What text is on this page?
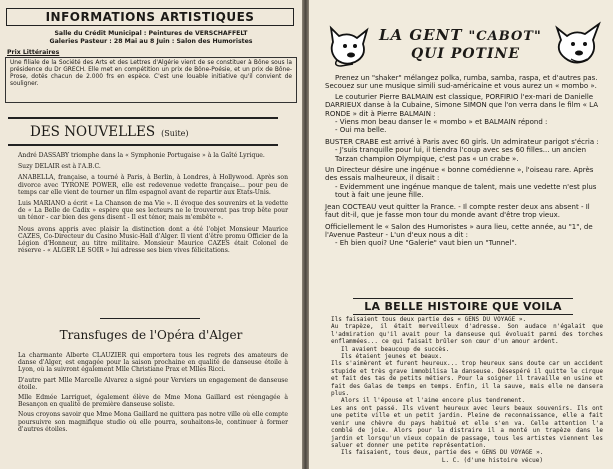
INFORMATIONS ARTISTIQUES

Salle du Crédit Municipal : Peintures de VERSCHAFFELT

Galeries Pasteur : 28 Mai au 8 Juin : Salon des Humoristes

Prix Littéraires

Une filiale de la Société des Arts et des Lettres d'Algérie vient de se constituer à Bône sous la présidence du Dr GRECH. Elle met en compétition un prix de Bône-Poésie, et un prix de Bône-Prose, dotés chacun de 2.000 frs en espèce. C'est une louable initiative qu'il convient de souligner.

DES NOUVELLES (Suite)

André DASSABY triomphe dans la « Symphonie Portugaise » à la Gaîté Lyrique.

Suzy DELAIR est à l'A.B.C.

ANABELLA, française, a tourné à Paris, à Berlin, à Londres, à Hollywood. Après son divorce avec TYRONE POWER, elle est redevenue vedette française... pour peu de temps car elle vient de tourner un film espagnol avant de repartir aux Etats-Unis.

Luis MARIANO a écrit « La Chanson de ma Vie ». Il évoque des souvenirs et la vedette de « La Belle de Cadix » espère que ses lecteurs ne le trouveront pas trop bête pour un ténor - car bien des gens disent - Il est ténor, mais m'embête ».

Nous avons appris avec plaisir la distinction dont a été l'objet Monsieur Maurice CAZES, Co-Directeur du Casino Music-Hall d'Alger. Il vient d'être promu Officier de la Légion d'Honneur, au titre militaire. Monsieur Maurice CAZES était Colonel de réserve - « ALGER LE SOIR » lui adresse ses bien vives félicitations.

Transfuges de l'Opéra d'Alger

La charmante Alberte CLAUZIER qui emportera tous les regrets des amateurs de danse d'Alger, est engagée pour la saison prochaine en qualité de danseuse étoile à Lyon, où la suivront également Mlle Christiane Prax et Mlles Ricci.

D'autre part Mlle Marcelle Alvarez a signé pour Verviers un engagement de danseuse étoile.

Mlle Edmée Larriguet, également élève de Mme Mona Gaillard est réengagée à Besançon en qualité de première danseuse soliste.

Nous croyons savoir que Mme Mona Gaillard ne quittera pas notre ville où elle compte poursuivre son magnifique studio où elle pourra, souhaitons-le, continuer à former d'autres étoiles.

LA GENT "CABOT"
QUI POTINE

Prenez un "shaker" mélangez polka, rumba, samba, raspa, et d'autres pas. Secouez sur une musique simili sud-américaine et vous aurez un « mombo ».

Le couturier Pierre BALMAIN est classique, PORFIRIO l'ex-mari de Danielle DARRIEUX danse à la Cubaine, Simone SIMON que l'on verra dans le film « LA RONDE » dit à Pierre BALMAIN :

- Viens mon beau danser le « mombo » et BALMAIN répond :

- Oui ma belle.

BUSTER CRABE est arrivé à Paris avec 60 girls. Un admirateur parigot s'écria :

- J'suis tranquille pour lui, il tiendra l'coup avec ses 60 filles... un ancien Tarzan champion Olympique, c'est pas « un crabe ».

Un Directeur désire une ingénue « bonne comédienne », l'oiseau rare. Après des essais malheureux, il disait :

- Evidemment une ingénue manque de talent, mais une vedette n'est plus tout à fait une jeune fille.

Jean COCTEAU veut quitter la France. - Il compte rester deux ans absent - Il faut dit-il, que je fasse mon tour du monde avant d'être trop vieux.

Officiellement le « Salon des Humoristes » aura lieu, cette année, au "1", de l'Avenue Pasteur - L'un d'eux nous a dit :

- Eh bien quoi? Une "Galerie" vaut bien un "Tunnel".

LA BELLE HISTOIRE QUE VOILA

Ils faisaient tous deux partie des « GENS DU VOYAGE ».

Au trapèze, il était merveilleux d'adresse. Son audace n'égalait que l'admiration qu'il avait pour la danseuse qui évoluait parmi des torches enflammées... ce qui faisait brûler son cœur d'un amour ardent.

Il avaient beaucoup de succès.

Ils étaient jeunes et beaux.

Ils s'aimèrent et furent heureux... trop heureux sans doute car un accident stupide et très grave immobilisa la danseuse. Désespéré il quitte le cirque et fait des tas de petits métiers. Pour la soigner il travaille en usine et fait des Galas de temps en temps. Enfin, il la sauve, mais elle ne dansera plus.

Alors il l'épouse et l'aime encore plus tendrement.

Les ans ont passé. Ils vivent heureux avec leurs beaux souvenirs. Ils ont une petite ville et un petit jardin. Pleine de reconnaissance, elle a fait venir une chèvre du pays habitué et elle s'en va. Celle attention l'a comblé de joie. Alors pour la distraire il a monté un trapèze dans le jardin et lorsqu'un vieux copain de passage, tous les artistes viennent les saluer et donner une petite représentation.

Ils faisaient, tous deux, partie des « GENS DU VOYAGE ».

L. C. (d'une histoire vécue)
